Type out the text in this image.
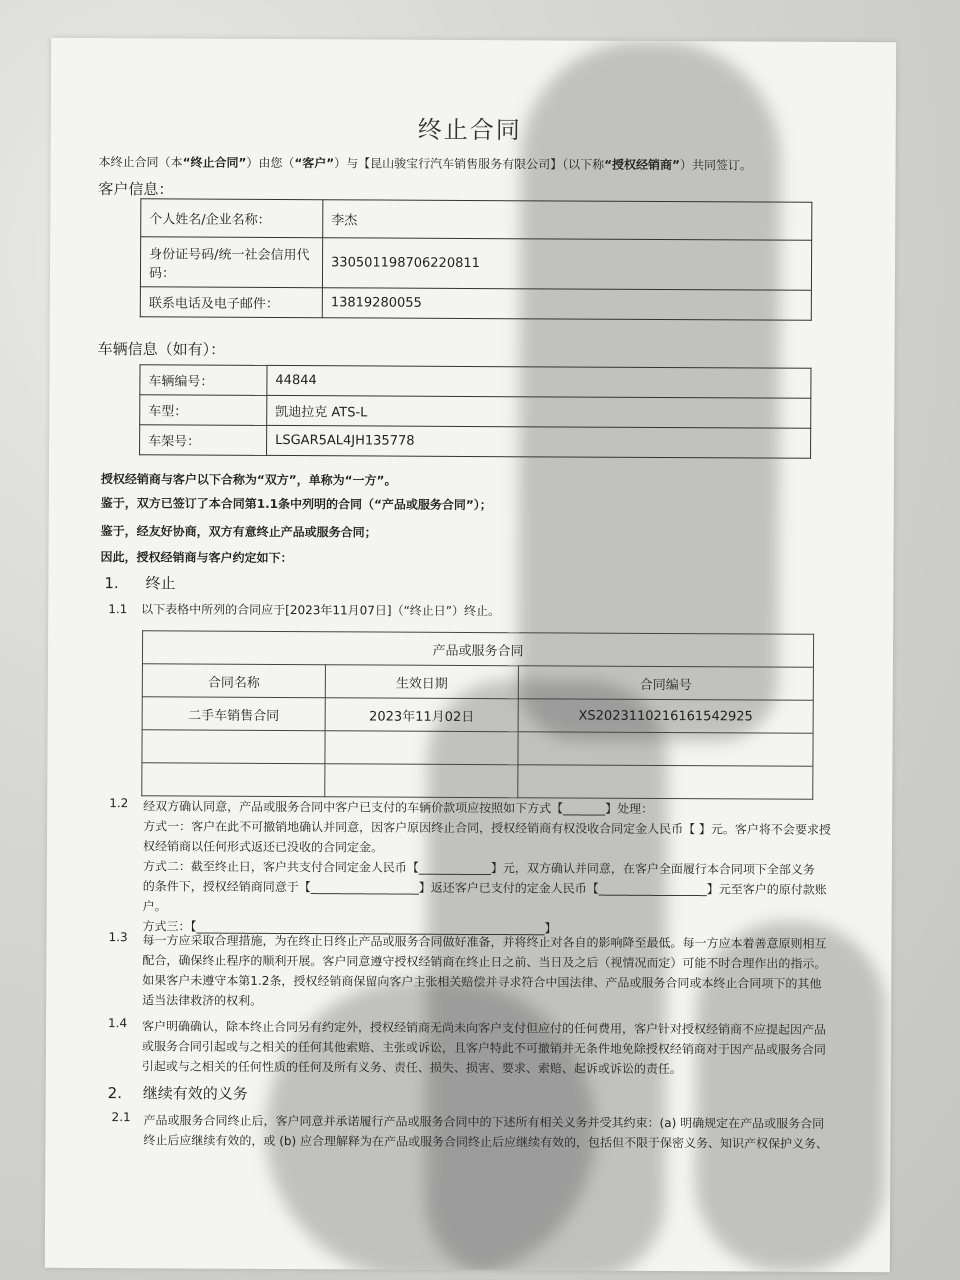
终止合同
本终止合同（本“终止合同”）由您（“客户”）与【昆山骏宝行汽车销售服务有限公司】（以下称“授权经销商”）共同签订。
客户信息：
个人姓名/企业名称：	李杰
身份证号码/统一社会信用代码：	330501198706220811
联系电话及电子邮件：	13819280055
车辆信息（如有）：
车辆编号：	44844
车型：	凯迪拉克 ATS-L
车架号：	LSGAR5AL4JH135778
授权经销商与客户以下合称为“双方”，单称为“一方”。
鉴于，双方已签订了本合同第1.1条中列明的合同（“产品或服务合同”）；
鉴于，经友好协商，双方有意终止产品或服务合同；
因此，授权经销商与客户约定如下：
1. 终止
1.1 以下表格中所列的合同应于[2023年11月07日]（“终止日”）终止。
产品或服务合同		
合同名称	生效日期	合同编号
二手车销售合同	2023年11月02日	XS2023110216161542925

1.2 经双方确认同意，产品或服务合同中客户已支付的车辆价款项应按照如下方式【_______】处理：
方式一：客户在此不可撤销地确认并同意，因客户原因终止合同，授权经销商有权没收合同定金人民币【 】元。客户将不会要求授
权经销商以任何形式返还已没收的合同定金。
方式二：截至终止日，客户共支付合同定金人民币【____________】元，双方确认并同意，在客户全面履行本合同项下全部义务
的条件下，授权经销商同意于【__________________】返还客户已支付的定金人民币【__________________】元至客户的原付款账
户。
方式三：【__________________________________________________________】
1.3 每一方应采取合理措施，为在终止日终止产品或服务合同做好准备，并将终止对各自的影响降至最低。每一方应本着善意原则相互
配合，确保终止程序的顺利开展。客户同意遵守授权经销商在终止日之前、当日及之后（视情况而定）可能不时合理作出的指示。
如果客户未遵守本第1.2条，授权经销商保留向客户主张相关赔偿并寻求符合中国法律、产品或服务合同或本终止合同项下的其他
适当法律救济的权利。
1.4 客户明确确认，除本终止合同另有约定外，授权经销商无尚未向客户支付但应付的任何费用，客户针对授权经销商不应提起因产品
或服务合同引起或与之相关的任何其他索赔、主张或诉讼，且客户特此不可撤销并无条件地免除授权经销商对于因产品或服务合同
引起或与之相关的任何性质的任何及所有义务、责任、损失、损害、要求、索赔、起诉或诉讼的责任。
2. 继续有效的义务
2.1 产品或服务合同终止后，客户同意并承诺履行产品或服务合同中的下述所有相关义务并受其约束：(a) 明确规定在产品或服务合同
终止后应继续有效的，或 (b) 应合理解释为在产品或服务合同终止后应继续有效的，包括但不限于保密义务、知识产权保护义务、
